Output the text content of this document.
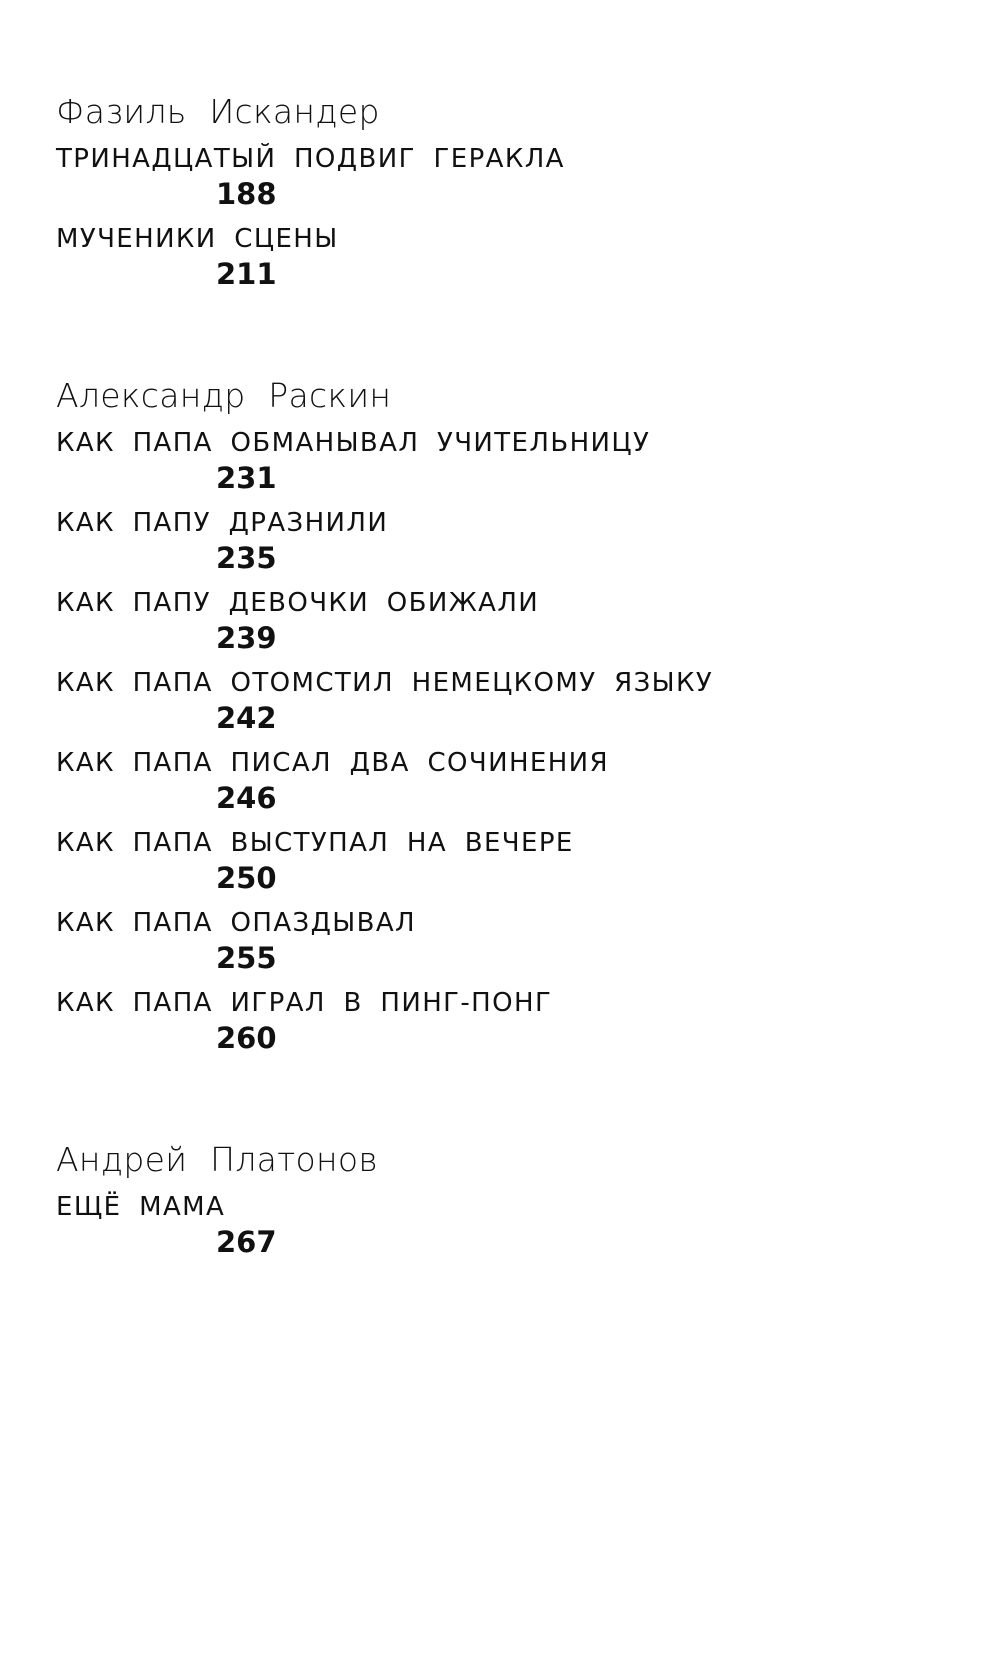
Фазиль Искандер
ТРИНАДЦАТЫЙ ПОДВИГ ГЕРАКЛА
188
МУЧЕНИКИ СЦЕНЫ
211
Александр Раскин
КАК ПАПА ОБМАНЫВАЛ УЧИТЕЛЬНИЦУ
231
КАК ПАПУ ДРАЗНИЛИ
235
КАК ПАПУ ДЕВОЧКИ ОБИЖАЛИ
239
КАК ПАПА ОТОМСТИЛ НЕМЕЦКОМУ ЯЗЫКУ
242
КАК ПАПА ПИСАЛ ДВА СОЧИНЕНИЯ
246
КАК ПАПА ВЫСТУПАЛ НА ВЕЧЕРЕ
250
КАК ПАПА ОПАЗДЫВАЛ
255
КАК ПАПА ИГРАЛ В ПИНГ-ПОНГ
260
Андрей Платонов
ЕЩЁ МАМА
267
